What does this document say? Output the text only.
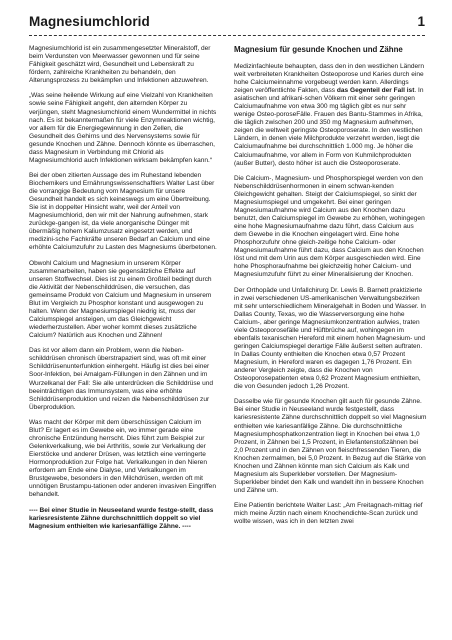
Magnesiumchlorid	1

Magnesiumchlorid ist ein zusammengesetzter Mineralstoff, der beim Verdunsten von Meerwasser gewonnen und für seine Fähigkeit geschätzt wird, Gesundheit und Lebenskraft zu fördern, zahlreiche Krankheiten zu behandeln, den Alterungsprozess zu bekämpfen und Infektionen abzuwehren.

„Was seine heilende Wirkung auf eine Vielzahl von Krankheiten sowie seine Fähigkeit angeht, den alternden Körper zu verjüngen, steht Magnesiumchlorid einem Wundermittel in nichts nach. Es ist bekanntermaßen für viele Enzymreaktionen wichtig, vor allem für die Energiegewinnung in den Zellen, die Gesundheit des Gehirns und des Nervensystems sowie für gesunde Knochen und Zähne. Dennoch könnte es überraschen, dass Magnesium in Verbindung mit Chlorid als Magnesiumchlorid auch Infektionen wirksam bekämpfen kann.“

Bei der oben zitierten Aussage des im Ruhestand lebenden Biochemikers und Ernährungswissenschaftlers Walter Last über die vorrangige Bedeutung vom Magnesium für unsere Gesundheit handelt es sich keineswegs um eine Übertreibung. Sie ist in doppelter Hinsicht wahr, weil der Anteil von Magnesiumchlorid, den wir mit der Nahrung aufnehmen, stark zurückge-gangen ist, da viele anorganische Dünger mit übermäßig hohem Kaliumzusatz eingesetzt werden, und medizini-sche Fachkräfte unseren Bedarf an Calcium und eine erhöhte Calciumzufuhr zu Lasten des Magnesiums überbetonen.

Obwohl Calcium und Magnesium in unserem Körper zusammenarbeiten, haben sie gegensätzliche Effekte auf unseren Stoffwechsel. Dies ist zu einem Großteil bedingt durch die Aktivität der Nebenschilddrüsen, die versuchen, das gemeinsame Produkt von Calcium und Magnesium in unserem Blut im Vergleich zu Phosphor konstant und ausgewogen zu halten. Wenn der Magnesiumspiegel niedrig ist, muss der Calciumspiegel ansteigen, um das Gleichgewicht wiederherzustellen. Aber woher kommt dieses zusätzliche Calcium? Natürlich aus Knochen und Zähnen!

Das ist vor allem dann ein Problem, wenn die Neben-schilddrüsen chronisch überstrapaziert sind, was oft mit einer Schilddrüsenunterfunktion einhergeht. Häufig ist dies bei einer Soor-Infektion, bei Amalgam-Füllungen in den Zähnen und im Wurzelkanal der Fall: Sie alle unterdrücken die Schilddrüse und beeinträchtigen das Immunsystem, was eine erhöhte Schilddrüsenproduktion und reizen die Nebenschilddrüsen zur Überproduktion.

Was macht der Körper mit dem überschüssigen Calcium im Blut? Er lagert es im Gewebe ein, wo immer gerade eine chronische Entzündung herrscht. Dies führt zum Beispiel zur Gelenkverkalkung, wie bei Arthritis, sowie zur Verkalkung der Eierstöcke und anderer Drüsen, was letztlich eine verringerte Hormonproduktion zur Folge hat. Verkalkungen in den Nieren erfordern am Ende eine Dialyse, und Verkalkungen im Brustgewebe, besonders in den Milchdrüsen, werden oft mit unnötigen Brustampu-tationen oder anderen invasiven Eingriffen behandelt.

---- Bei einer Studie in Neuseeland wurde festge-stellt, dass kariesresistente Zähne durchschnittlich doppelt so viel Magnesium enthielten wie kariesanfällige Zähne. ----

Magnesium für gesunde Knochen und Zähne

Medizinfachleute behaupten, dass den in den westlichen Ländern weit verbreiteten Krankheiten Osteoporose und Karies durch eine hohe Calciumeinnahme vorgebeugt werden kann. Allerdings zeigen veröffentlichte Fakten, dass das Gegenteil der Fall ist. In asiatischen und afrikani-schen Völkern mit einer sehr geringen Calciumaufnahme von etwa 300 mg täglich gibt es nur sehr wenige Osteo-poroseFälle. Frauen des Bantu-Stammes in Afrika, die täglich zwischen 200 und 350 mg Magnesium aufnehmen, zeigen die weltweit geringste Osteoporoserate. In den westlichen Ländern, in denen viele Milchprodukte verzehrt werden, liegt die Calciumaufnahme bei durchschnittlich 1.000 mg. Je höher die Calciumaufnahme, vor allem in Form von Kuhmilchprodukten (außer Butter), desto höher ist auch die Osteoporoserate.

Die Calcium-, Magnesium- und Phosphorspiegel werden von den Nebenschilddrüsenhormonen in einem schwan-kenden Gleichgewicht gehalten. Steigt der Calciumspiegel, so sinkt der Magnesiumspiegel und umgekehrt. Bei einer geringen Magnesiumaufnahme wird Calcium aus den Knochen dazu benutzt, den Calciumspiegel im Gewebe zu erhöhen, wohingegen eine hohe Magnesiumaufnahme dazu führt, dass Calcium aus dem Gewebe in die Knochen eingelagert wird. Eine hohe Phosphorzufuhr ohne gleich-zeitige hohe Calcium- oder Magnesiumaufnahme führt dazu, dass Calcium aus den Knochen löst und mit dem Urin aus dem Körper ausgeschieden wird. Eine hohe Phosphoraufnahme bei gleichzeitig hoher Calcium- und Magnesiumzufuhr führt zu einer Mineralisierung der Knochen.

Der Orthopäde und Unfallchirurg Dr. Lewis B. Barnett praktizierte in zwei verschiedenen US-amerikanischen Verwaltungsbezirken mit sehr unterschiedlichem Mineralgehalt in Boden und Wasser. In Dallas County, Texas, wo die Wasserversorgung eine hohe Calcium-, aber geringe Magnesiumkonzentration aufwies, traten viele Osteoporosefälle und Hüftbrüche auf, wohingegen im ebenfalls texanischen Hereford mit einem hohen Magnesium- und geringen Calciumspiegel derartige Fälle äußerst selten auftraten. In Dallas County enthielten die Knochen etwa 0,57 Prozent Magnesium, in Hereford waren es dagegen 1,76 Prozent. Ein anderer Vergleich zeigte, dass die Knochen von Osteoporosepatienten etwa 0,62 Prozent Magnesium enthielten, die von Gesunden jedoch 1,26 Prozent.

Dasselbe wie für gesunde Knochen gilt auch für gesunde Zähne. Bei einer Studie in Neuseeland wurde festgestellt, dass kariesresistente Zähne durchschnittlich doppelt so viel Magnesium enthielten wie kariesanfällige Zähne. Die durchschnittliche Magnesiumphosphatkonzentration liegt in Knochen bei etwa 1,0 Prozent, in Zähnen bei 1,5 Prozent, in Elefantenstoßzähnen bei 2,0 Prozent und in den Zähnen von fleischfressenden Tieren, die Knochen zermalmen, bei 5,0 Prozent. In Bezug auf die Stärke von Knochen und Zähnen könnte man sich Calcium als Kalk und Magnesium als Superkleber vorstellen. Der Magnesium-Superkleber bindet den Kalk und wandelt ihn in bessere Knochen und Zähne um.

Eine Patientin berichtete Walter Last: „Am Freitagnach-mittag rief mich meine Ärztin nach einem Knochendichte-Scan zurück und wollte wissen, was ich in den letzten zwei
